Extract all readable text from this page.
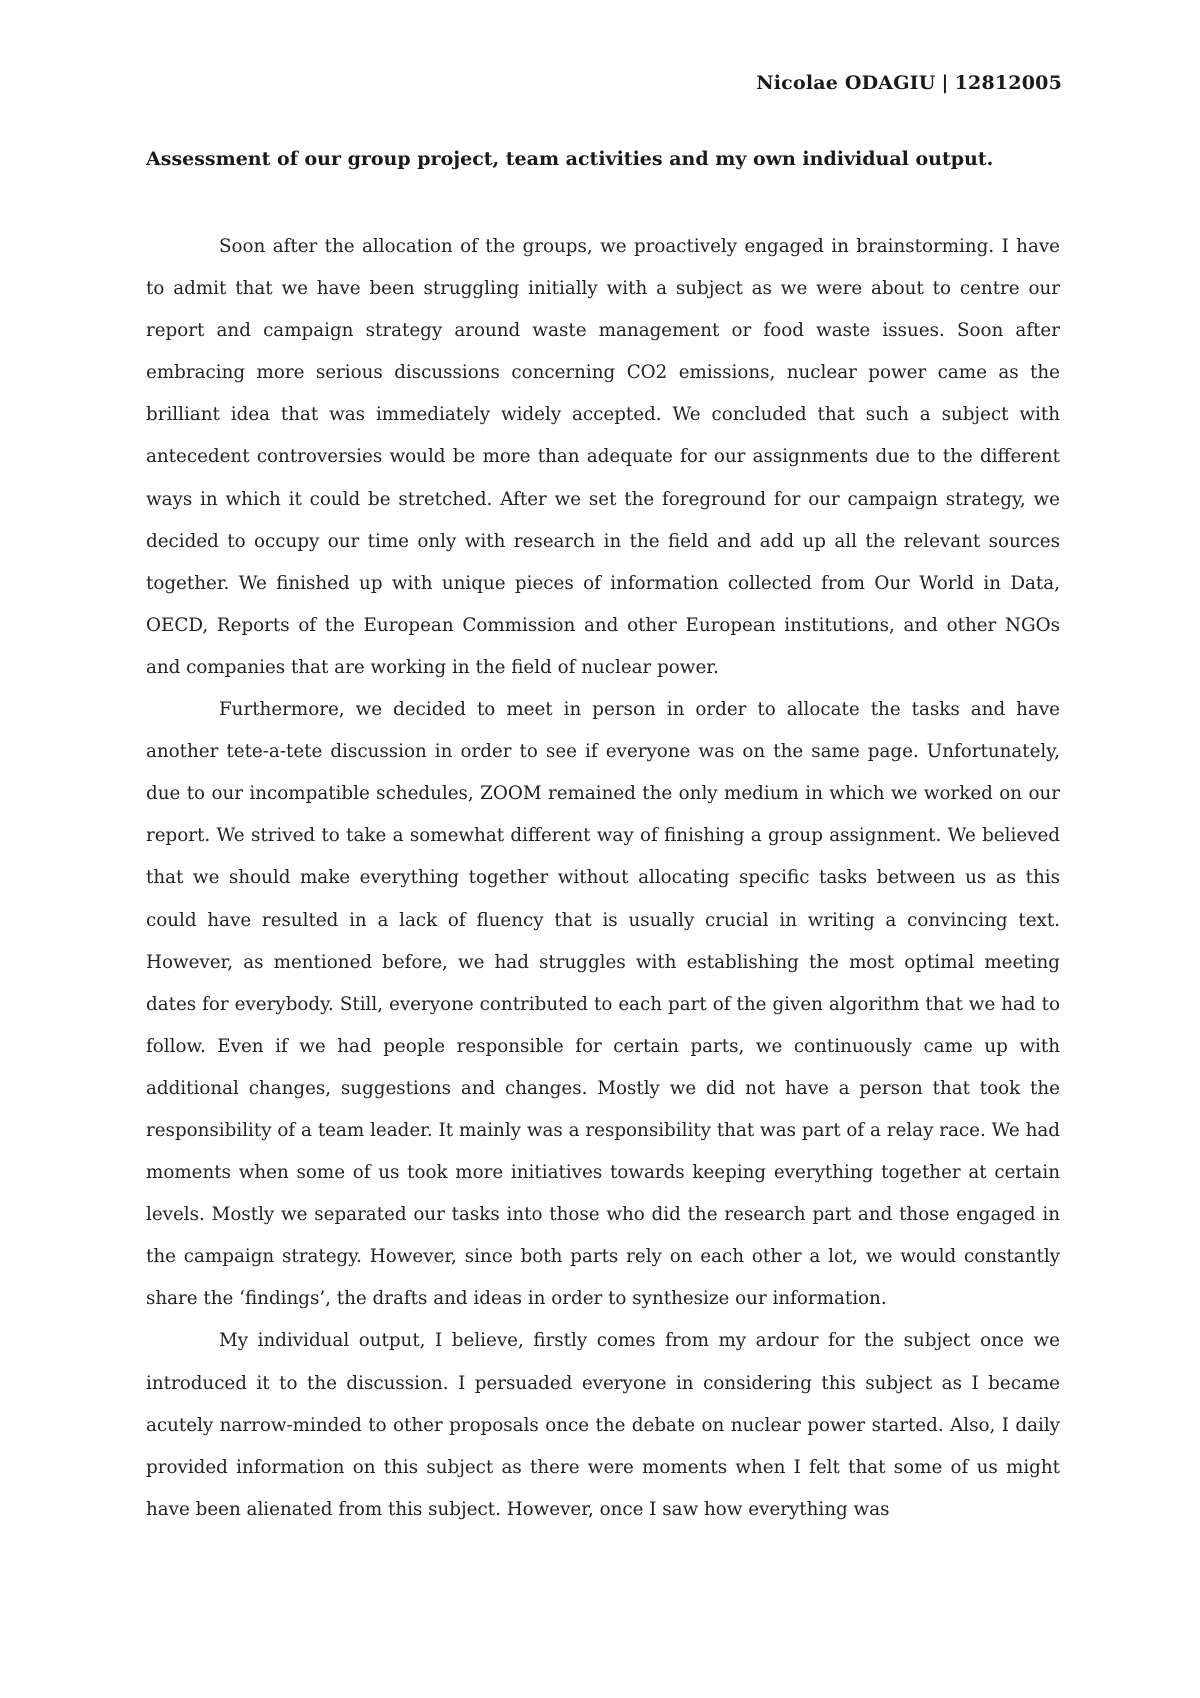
Nicolae ODAGIU | 12812005
Assessment of our group project, team activities and my own individual output.

Soon after the allocation of the groups, we proactively engaged in brainstorming. I have to admit that we have been struggling initially with a subject as we were about to centre our report and campaign strategy around waste management or food waste issues. Soon after embracing more serious discussions concerning CO2 emissions, nuclear power came as the brilliant idea that was immediately widely accepted. We concluded that such a subject with antecedent controversies would be more than adequate for our assignments due to the different ways in which it could be stretched. After we set the foreground for our campaign strategy, we decided to occupy our time only with research in the field and add up all the relevant sources together. We finished up with unique pieces of information collected from Our World in Data, OECD, Reports of the European Commission and other European institutions, and other NGOs and companies that are working in the field of nuclear power.

Furthermore, we decided to meet in person in order to allocate the tasks and have another tete-a-tete discussion in order to see if everyone was on the same page. Unfortunately, due to our incompatible schedules, ZOOM remained the only medium in which we worked on our report. We strived to take a somewhat different way of finishing a group assignment. We believed that we should make everything together without allocating specific tasks between us as this could have resulted in a lack of fluency that is usually crucial in writing a convincing text. However, as mentioned before, we had struggles with establishing the most optimal meeting dates for everybody. Still, everyone contributed to each part of the given algorithm that we had to follow. Even if we had people responsible for certain parts, we continuously came up with additional changes, suggestions and changes. Mostly we did not have a person that took the responsibility of a team leader. It mainly was a responsibility that was part of a relay race. We had moments when some of us took more initiatives towards keeping everything together at certain levels. Mostly we separated our tasks into those who did the research part and those engaged in the campaign strategy. However, since both parts rely on each other a lot, we would constantly share the ‘findings’, the drafts and ideas in order to synthesize our information.

My individual output, I believe, firstly comes from my ardour for the subject once we introduced it to the discussion. I persuaded everyone in considering this subject as I became acutely narrow-minded to other proposals once the debate on nuclear power started. Also, I daily provided information on this subject as there were moments when I felt that some of us might have been alienated from this subject. However, once I saw how everything was
